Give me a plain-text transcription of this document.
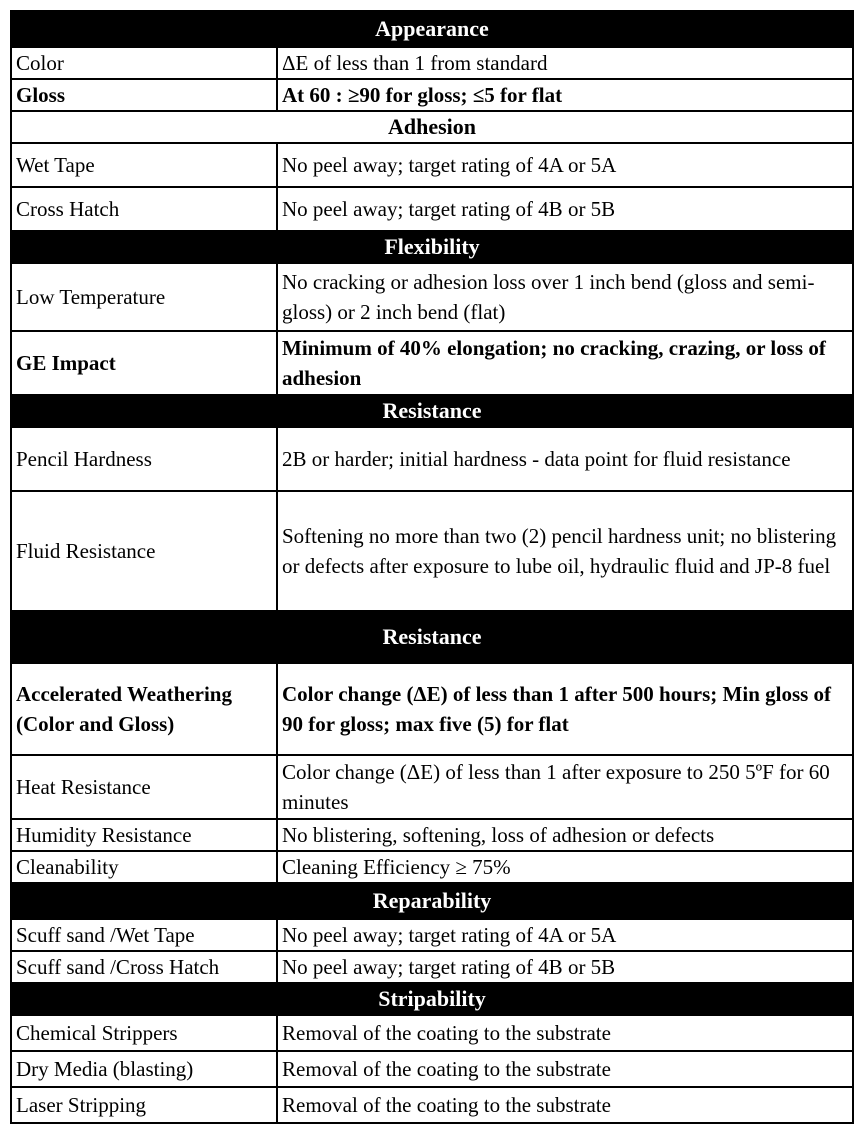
Appearance	
Color	ΔE of less than 1 from standard
Gloss	At 60 : ≥90 for gloss; ≤5 for flat
Adhesion	
Wet Tape	No peel away; target rating of 4A or 5A
Cross Hatch	No peel away; target rating of 4B or 5B
Flexibility	
Low Temperature	No cracking or adhesion loss over 1 inch bend (gloss and semi-gloss) or 2 inch bend (flat)
GE Impact	Minimum of 40% elongation; no cracking, crazing, or loss of adhesion
Resistance	
Pencil Hardness	2B or harder; initial hardness - data point for fluid resistance
Fluid Resistance	Softening no more than two (2) pencil hardness unit; no blistering or defects after exposure to lube oil, hydraulic fluid and JP-8 fuel
Resistance	
Accelerated Weathering (Color and Gloss)	Color change (ΔE) of less than 1 after 500 hours; Min gloss of 90 for gloss; max five (5) for flat
Heat Resistance	Color change (ΔE) of less than 1 after exposure to 250 5ºF for 60 minutes
Humidity Resistance	No blistering, softening, loss of adhesion or defects
Cleanability	Cleaning Efficiency ≥ 75%
Reparability	
Scuff sand /Wet Tape	No peel away; target rating of 4A or 5A
Scuff sand /Cross Hatch	No peel away; target rating of 4B or 5B
Stripability	
Chemical Strippers	Removal of the coating to the substrate
Dry Media (blasting)	Removal of the coating to the substrate
Laser Stripping	Removal of the coating to the substrate
